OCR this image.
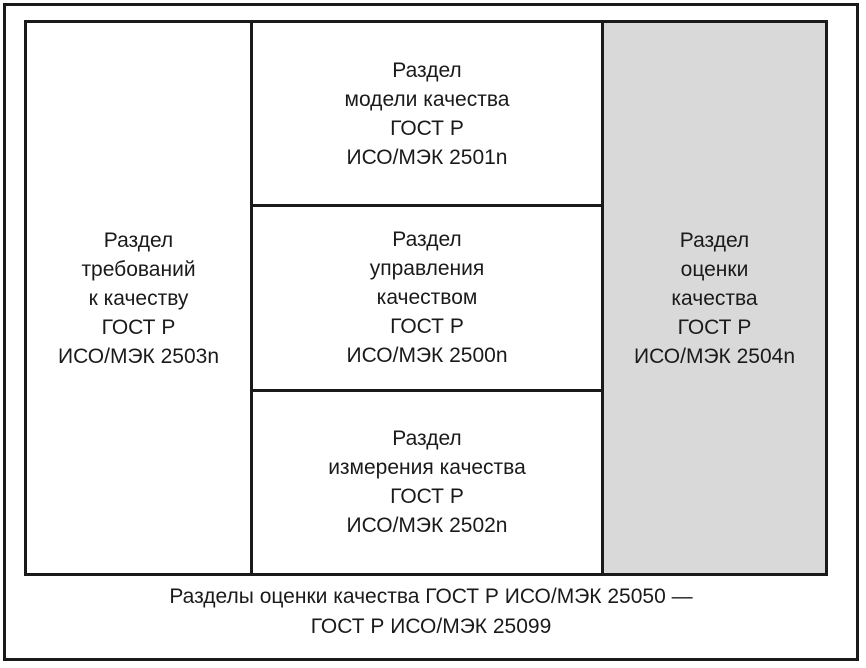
Раздел
требований
к качеству
ГОСТ Р
ИСО/МЭК 2503n
Раздел
модели качества
ГОСТ Р
ИСО/МЭК 2501n
Раздел
управления
качеством
ГОСТ Р
ИСО/МЭК 2500n
Раздел
измерения качества
ГОСТ Р
ИСО/МЭК 2502n
Раздел
оценки
качества
ГОСТ Р
ИСО/МЭК 2504n
Разделы оценки качества ГОСТ Р ИСО/МЭК 25050 —
ГОСТ Р ИСО/МЭК 25099
